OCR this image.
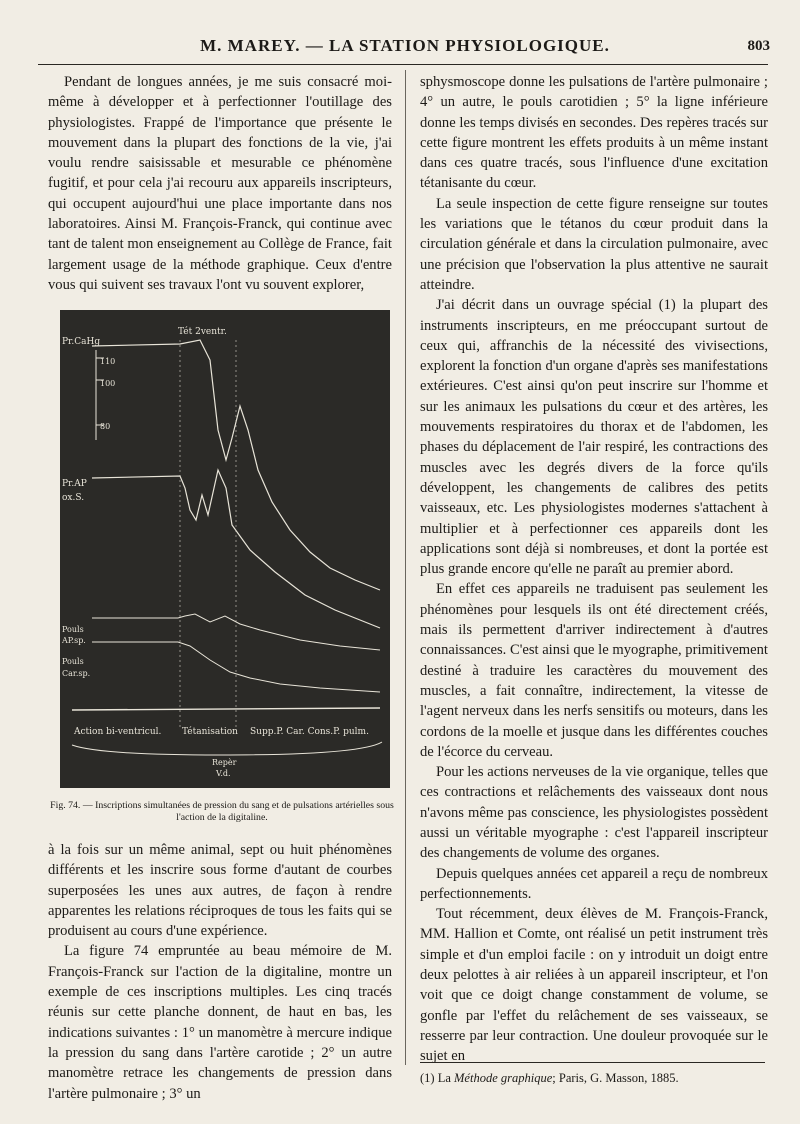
M. MAREY. — LA STATION PHYSIOLOGIQUE.	803

Pendant de longues années, je me suis consacré moi-même à développer et à perfectionner l'outillage des physiologistes. Frappé de l'importance que présente le mouvement dans la plupart des fonctions de la vie, j'ai voulu rendre saisissable et mesurable ce phénomène fugitif, et pour cela j'ai recouru aux appareils inscripteurs, qui occupent aujourd'hui une place importante dans nos laboratoires. Ainsi M. François-Franck, qui continue avec tant de talent mon enseignement au Collège de France, fait largement usage de la méthode graphique. Ceux d'entre vous qui suivent ses travaux l'ont vu souvent explorer,

Pr.CaHg
Tét 2ventr.
110
100
80
Pr.AP
ox.S.
Pouls
AP.sp.
Pouls
Car.sp.
Action bi-ventricul. Tétanisation Supp.P. Car. Cons.P. pulm.
Repèr
V.d.
Fig. 74. — Inscriptions simultanées de pression du sang et de pulsations artérielles sous l'action de la digitaline.

à la fois sur un même animal, sept ou huit phénomènes différents et les inscrire sous forme d'autant de courbes superposées les unes aux autres, de façon à rendre apparentes les relations réciproques de tous les faits qui se produisent au cours d'une expérience.

La figure 74 empruntée au beau mémoire de M. François-Franck sur l'action de la digitaline, montre un exemple de ces inscriptions multiples. Les cinq tracés réunis sur cette planche donnent, de haut en bas, les indications suivantes : 1° un manomètre à mercure indique la pression du sang dans l'artère carotide ; 2° un autre manomètre retrace les changements de pression dans l'artère pulmonaire ; 3° un

sphysmoscope donne les pulsations de l'artère pulmonaire ; 4° un autre, le pouls carotidien ; 5° la ligne inférieure donne les temps divisés en secondes. Des repères tracés sur cette figure montrent les effets produits à un même instant dans ces quatre tracés, sous l'influence d'une excitation tétanisante du cœur.

La seule inspection de cette figure renseigne sur toutes les variations que le tétanos du cœur produit dans la circulation générale et dans la circulation pulmonaire, avec une précision que l'observation la plus attentive ne saurait atteindre.

J'ai décrit dans un ouvrage spécial (1) la plupart des instruments inscripteurs, en me préoccupant surtout de ceux qui, affranchis de la nécessité des vivisections, explorent la fonction d'un organe d'après ses manifestations extérieures. C'est ainsi qu'on peut inscrire sur l'homme et sur les animaux les pulsations du cœur et des artères, les mouvements respiratoires du thorax et de l'abdomen, les phases du déplacement de l'air respiré, les contractions des muscles avec les degrés divers de la force qu'ils développent, les changements de calibres des petits vaisseaux, etc. Les physiologistes modernes s'attachent à multiplier et à perfectionner ces appareils dont les applications sont déjà si nombreuses, et dont la portée est plus grande encore qu'elle ne paraît au premier abord.

En effet ces appareils ne traduisent pas seulement les phénomènes pour lesquels ils ont été directement créés, mais ils permettent d'arriver indirectement à d'autres connaissances. C'est ainsi que le myographe, primitivement destiné à traduire les caractères du mouvement des muscles, a fait connaître, indirectement, la vitesse de l'agent nerveux dans les nerfs sensitifs ou moteurs, dans les cordons de la moelle et jusque dans les différentes couches de l'écorce du cerveau.

Pour les actions nerveuses de la vie organique, telles que ces contractions et relâchements des vaisseaux dont nous n'avons même pas conscience, les physiologistes possèdent aussi un véritable myographe : c'est l'appareil inscripteur des changements de volume des organes.

Depuis quelques années cet appareil a reçu de nombreux perfectionnements.

Tout récemment, deux élèves de M. François-Franck, MM. Hallion et Comte, ont réalisé un petit instrument très simple et d'un emploi facile : on y introduit un doigt entre deux pelottes à air reliées à un appareil inscripteur, et l'on voit que ce doigt change constamment de volume, se gonfle par l'effet du relâchement de ses vaisseaux, se resserre par leur contraction. Une douleur provoquée sur le sujet en

(1) La Méthode graphique; Paris, G. Masson, 1885.
